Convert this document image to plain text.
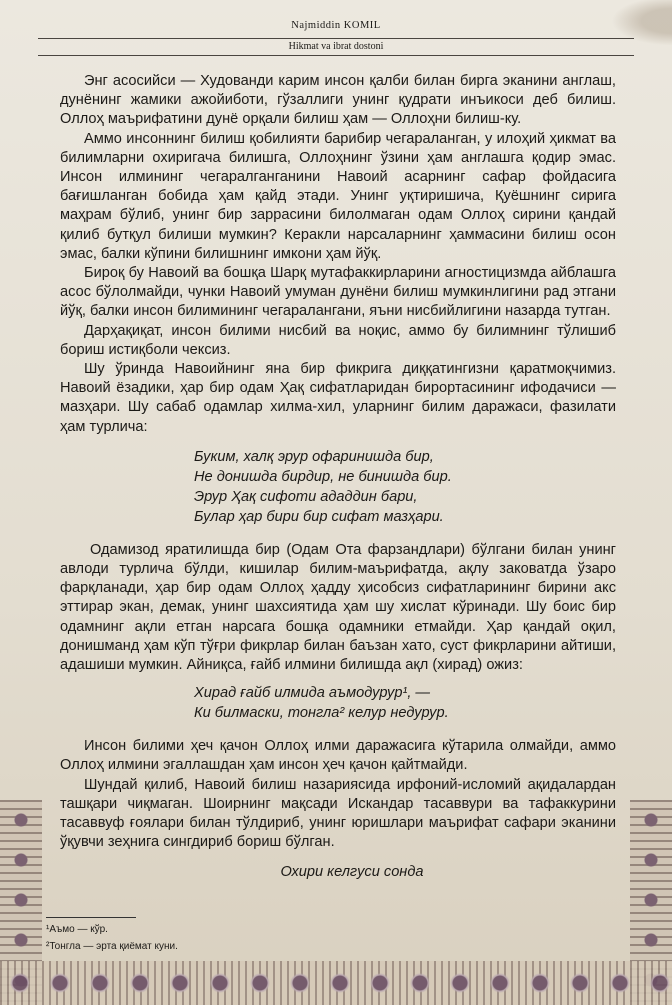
Najmiddin KOMIL
Hikmat va ibrat dostoni

Энг асосийси — Худованди карим инсон қалби билан бирга эканини англаш, дунёнинг жамики ажойиботи, гўзаллиги унинг қудрати инъикоси деб билиш. Оллоҳ маърифатини дунё орқали билиш ҳам — Оллоҳни билиш-ку.

Аммо инсоннинг билиш қобилияти барибир чегараланган, у илоҳий ҳикмат ва билимларни охиригача билишга, Оллоҳнинг ўзини ҳам англашга қодир эмас. Инсон илмининг чегаралганганини Навоий асарнинг сафар фойдасига бағишланган бобида ҳам қайд этади. Унинг уқтиришича, Қуёшнинг сирига маҳрам бўлиб, унинг бир заррасини билолмаган одам Оллоҳ сирини қандай қилиб бутқул билиши мумкин? Керакли нарсаларнинг ҳаммасини билиш осон эмас, балки кўпини билишнинг имкони ҳам йўқ.

Бироқ бу Навоий ва бошқа Шарқ мутафаккирларини агностицизмда айблашга асос бўлолмайди, чунки Навоий умуман дунёни билиш мумкинлигини рад этгани йўқ, балки инсон билимининг чегаралангани, яъни нисбийлигини назарда тутган.

Дарҳақиқат, инсон билими нисбий ва ноқис, аммо бу билимнинг тўлишиб бориш истиқболи чексиз.

Шу ўринда Навоийнинг яна бир фикрига диққатингизни қаратмоқчимиз. Навоий ёзадики, ҳар бир одам Ҳақ сифатларидан бирортасининг ифодачиси — мазҳари. Шу сабаб одамлар хилма-хил, уларнинг билим даражаси, фазилати ҳам турлича:

Буким, халқ эрур офаринишда бир,
Не донишда бирдир, не бинишда бир.
Эрур Ҳақ сифоти ададдин бари,
Булар ҳар бири бир сифат мазҳари.

Одамизод яратилишда бир (Одам Ота фарзандлари) бўлгани билан унинг авлоди турлича бўлди, кишилар билим-маърифатда, ақлу заковатда ўзаро фарқланади, ҳар бир одам Оллоҳ ҳадду ҳисобсиз сифатларининг бирини акс эттирар экан, демак, унинг шахсиятида ҳам шу хислат кўринади. Шу боис бир одамнинг ақли етган нарсага бошқа одамники етмайди. Ҳар қандай оқил, донишманд ҳам кўп тўғри фикрлар билан баъзан хато, суст фикрларини айтиши, адашиши мумкин. Айниқса, ғайб илмини билишда ақл (хирад) ожиз:

Хирад ғайб илмида аъмодурур¹, —
Ки билмаски, тонгла² келур недурур.

Инсон билими ҳеч қачон Оллоҳ илми даражасига кўтарила олмайди, аммо Оллоҳ илмини эгаллашдан ҳам инсон ҳеч қачон қайтмайди.

Шундай қилиб, Навоий билиш назариясида ирфоний-исломий ақидалардан ташқари чиқмаган. Шоирнинг мақсади Искандар тасаввури ва тафаккурини тасаввуф ғоялари билан тўлдириб, унинг юришлари маърифат сафари эканини ўқувчи зеҳнига сингдириб бориш бўлган.

Охири келгуси сонда
¹Аъмо — кўр.
²Тонгла — эрта қиёмат куни.
